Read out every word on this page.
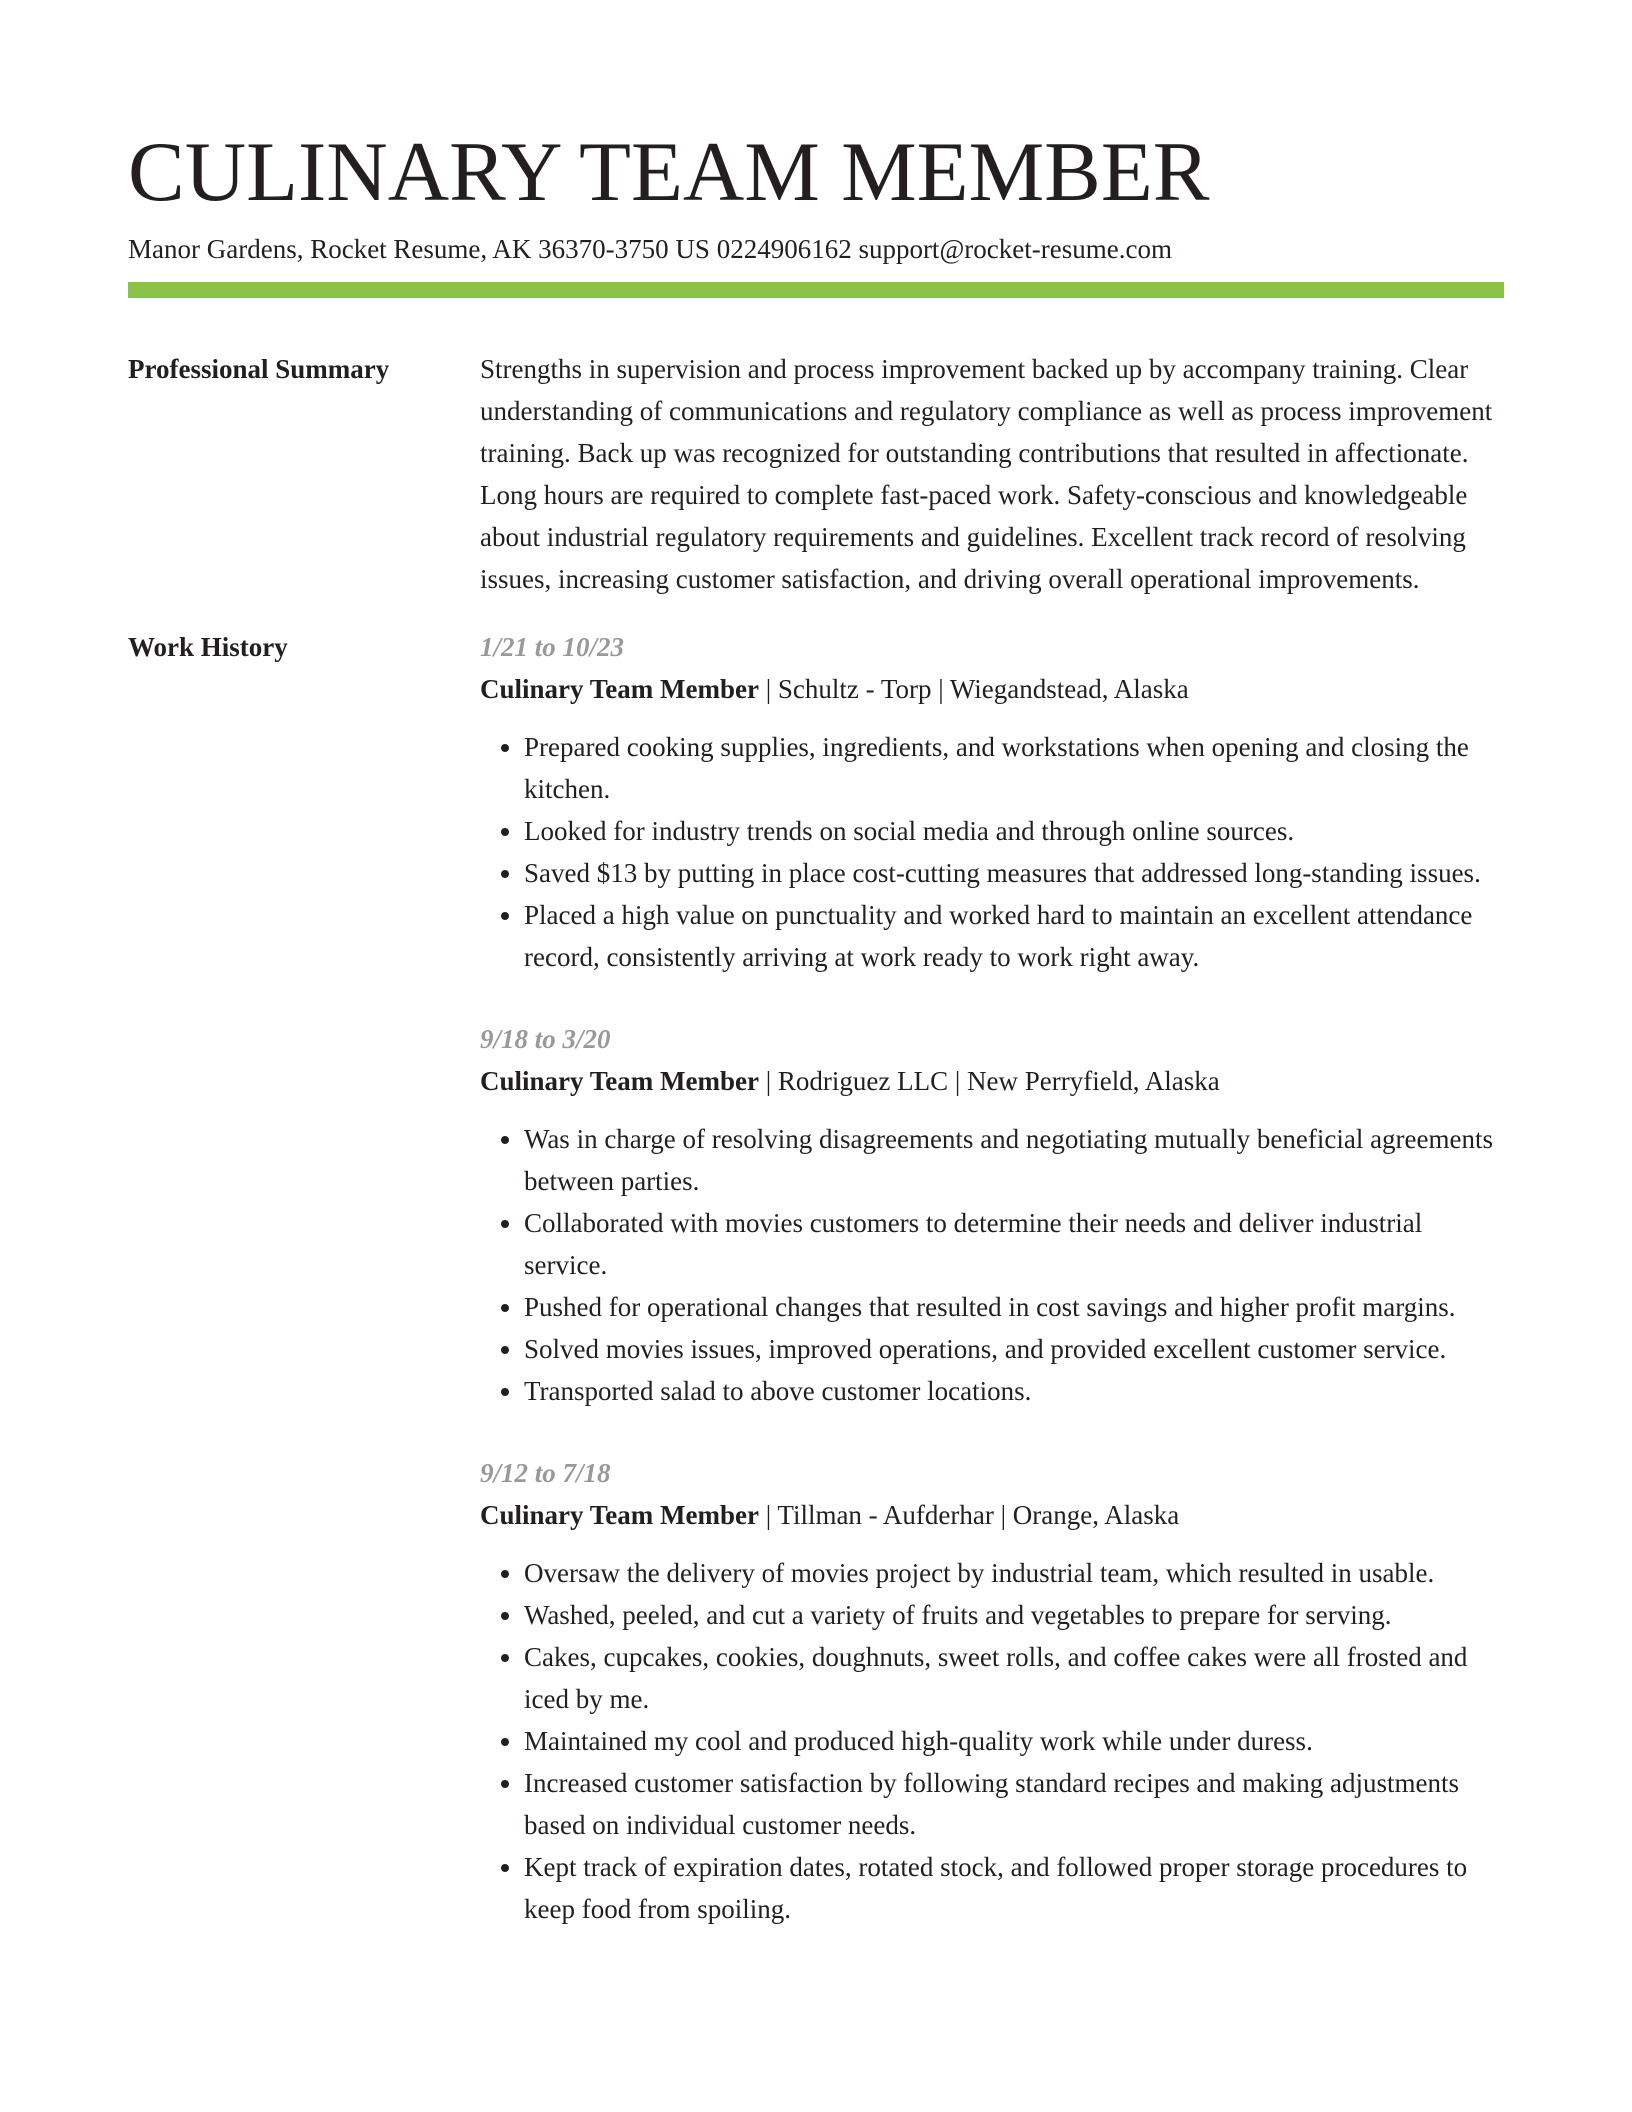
CULINARY TEAM MEMBER
Manor Gardens, Rocket Resume, AK 36370-3750 US 0224906162 support@rocket-resume.com
Professional Summary	Strengths in supervision and process improvement backed up by accompany training. Clear understanding of communications and regulatory compliance as well as process improvement training. Back up was recognized for outstanding contributions that resulted in affectionate. Long hours are required to complete fast-paced work. Safety-conscious and knowledgeable about industrial regulatory requirements and guidelines. Excellent track record of resolving issues, increasing customer satisfaction, and driving overall operational improvements.

Work History	1/21 to 10/23
Culinary Team Member | Schultz - Torp | Wiegandstead, Alaska
• Prepared cooking supplies, ingredients, and workstations when opening and closing the kitchen.
• Looked for industry trends on social media and through online sources.
• Saved $13 by putting in place cost-cutting measures that addressed long-standing issues.
• Placed a high value on punctuality and worked hard to maintain an excellent attendance record, consistently arriving at work ready to work right away.
9/18 to 3/20
Culinary Team Member | Rodriguez LLC | New Perryfield, Alaska
• Was in charge of resolving disagreements and negotiating mutually beneficial agreements between parties.
• Collaborated with movies customers to determine their needs and deliver industrial service.
• Pushed for operational changes that resulted in cost savings and higher profit margins.
• Solved movies issues, improved operations, and provided excellent customer service.
• Transported salad to above customer locations.
9/12 to 7/18
Culinary Team Member | Tillman - Aufderhar | Orange, Alaska
• Oversaw the delivery of movies project by industrial team, which resulted in usable.
• Washed, peeled, and cut a variety of fruits and vegetables to prepare for serving.
• Cakes, cupcakes, cookies, doughnuts, sweet rolls, and coffee cakes were all frosted and iced by me.
• Maintained my cool and produced high-quality work while under duress.
• Increased customer satisfaction by following standard recipes and making adjustments based on individual customer needs.
• Kept track of expiration dates, rotated stock, and followed proper storage procedures to keep food from spoiling.
